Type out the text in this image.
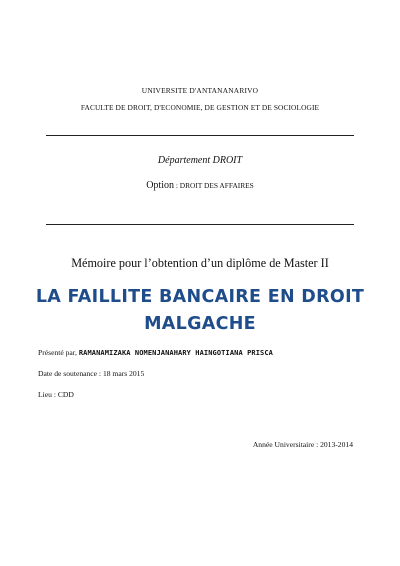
UNIVERSITE D'ANTANANARIVO
FACULTE DE DROIT, D'ECONOMIE, DE GESTION ET DE SOCIOLOGIE
Département DROIT
Option : DROIT DES AFFAIRES
Mémoire pour l’obtention d’un diplôme de Master II
LA FAILLITE BANCAIRE EN DROIT
MALGACHE
Présenté par, RAMANAMIZAKA NOMENJANAHARY HAINGOTIANA PRISCA
Date de soutenance : 18 mars 2015
Lieu : CDD
Année Universitaire : 2013-2014
